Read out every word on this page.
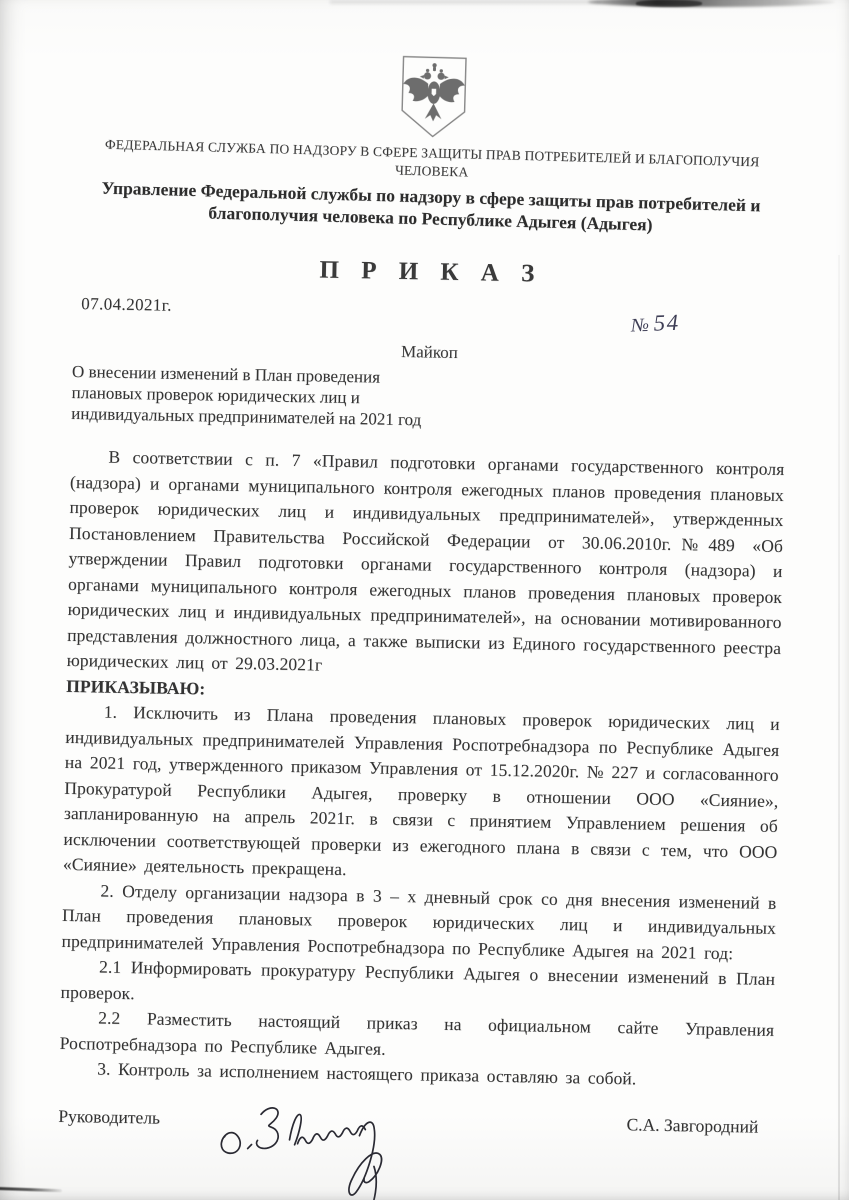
ФЕДЕРАЛЬНАЯ СЛУЖБА ПО НАДЗОРУ В СФЕРЕ ЗАЩИТЫ ПРАВ ПОТРЕБИТЕЛЕЙ И БЛАГОПОЛУЧИЯ ЧЕЛОВЕКА
Управление Федеральной службы по надзору в сфере защиты прав потребителей и благополучия человека по Республике Адыгея (Адыгея)
П Р И К А З
07.04.2021г.
№ 54
Майкоп
О внесении изменений в План проведения
плановых проверок юридических лиц и
индивидуальных предпринимателей на 2021 год

В соответствии с п. 7 «Правил подготовки органами государственного контроля (надзора) и органами муниципального контроля ежегодных планов проведения плановых проверок юридических лиц и индивидуальных предпринимателей», утвержденных Постановлением Правительства Российской Федерации от 30.06.2010г.№489 «Об утверждении Правил подготовки органами государственного контроля (надзора) и органами муниципального контроля ежегодных планов проведения плановых проверок юридических лиц и индивидуальных предпринимателей», на основании мотивированного представления должностного лица, а также выписки из Единого государственного реестра юридических лиц от 29.03.2021г

ПРИКАЗЫВАЮ:

1. Исключить из Плана проведения плановых проверок юридических лиц и индивидуальных предпринимателей Управления Роспотребнадзора по Республике Адыгея на 2021 год, утвержденного приказом Управления от 15.12.2020г. № 227 и согласованного Прокуратурой Республики Адыгея, проверку в отношении ООО «Сияние», запланированную на апрель 2021г. в связи с принятием Управлением решения об исключении соответствующей проверки из ежегодного плана в связи с тем, что ООО «Сияние» деятельность прекращена.

2. Отделу организации надзора в 3 – х дневный срок со дня внесения изменений в План проведения плановых проверок юридических лиц и индивидуальных предпринимателей Управления Роспотребнадзора по Республике Адыгея на 2021 год:

2.1 Информировать прокуратуру Республики Адыгея о внесении изменений в План проверок.

2.2 Разместить настоящий приказ на официальном сайте Управления Роспотребнадзора по Республике Адыгея.

3. Контроль за исполнением настоящего приказа оставляю за собой.

Руководитель	С.А. Завгородний
